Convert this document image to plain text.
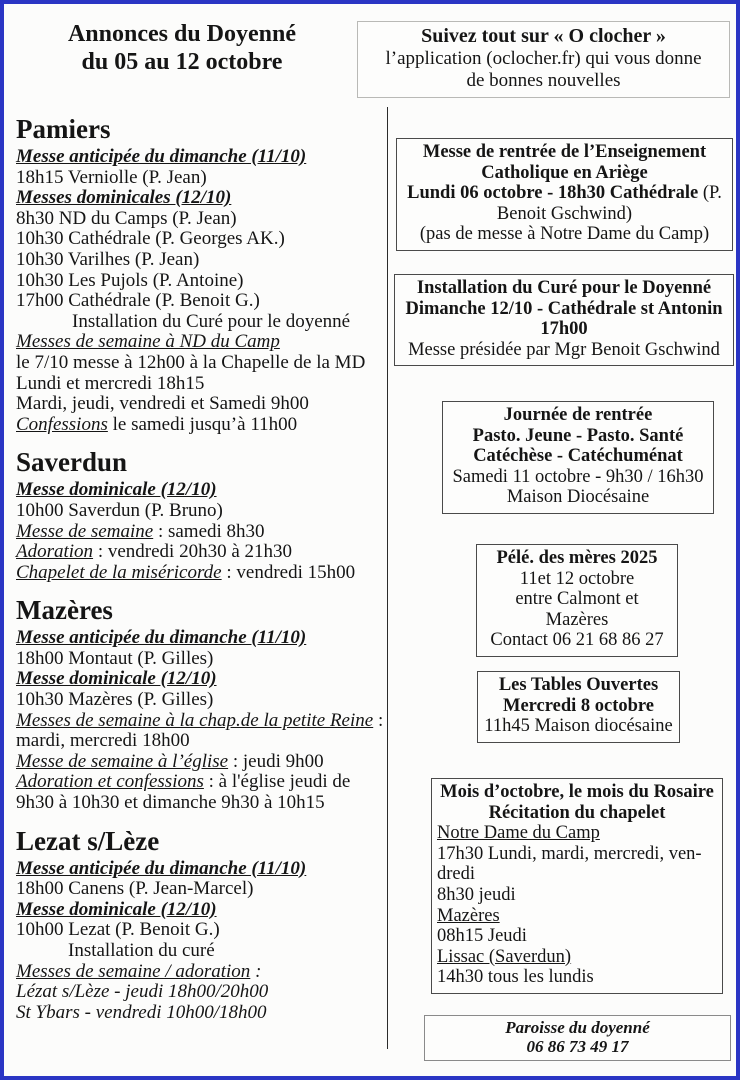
Annonces du Doyenné
du 05 au 12 octobre
Suivez tout sur « O clocher »
l’application (oclocher.fr) qui vous donne
de bonnes nouvelles
Pamiers

Messe anticipée du dimanche (11/10)

18h15 Verniolle (P. Jean)

Messes dominicales (12/10)

8h30 ND du Camps (P. Jean)

10h30 Cathédrale (P. Georges AK.)

10h30 Varilhes (P. Jean)

10h30 Les Pujols (P. Antoine)

17h00 Cathédrale (P. Benoit G.)

Installation du Curé pour le doyenné

Messes de semaine à ND du Camp

le 7/10 messe à 12h00 à la Chapelle de la MD

Lundi et mercredi 18h15

Mardi, jeudi, vendredi et Samedi 9h00

Confessions le samedi jusqu’à 11h00

Saverdun

Messe dominicale (12/10)

10h00 Saverdun (P. Bruno)

Messe de semaine : samedi 8h30

Adoration : vendredi 20h30 à 21h30

Chapelet de la miséricorde : vendredi 15h00

Mazères

Messe anticipée du dimanche (11/10)

18h00 Montaut (P. Gilles)

Messe dominicale (12/10)

10h30 Mazères (P. Gilles)

Messes de semaine à la chap.de la petite Reine : mardi, mercredi 18h00

Messe de semaine à l’église : jeudi 9h00

Adoration et confessions : à l'église jeudi de 9h30 à 10h30 et dimanche 9h30 à 10h15

Lezat s/Lèze

Messe anticipée du dimanche (11/10)

18h00 Canens (P. Jean-Marcel)

Messe dominicale (12/10)

10h00 Lezat (P. Benoit G.)

Installation du curé

Messes de semaine / adoration :

Lézat s/Lèze - jeudi 18h00/20h00

St Ybars - vendredi 10h00/18h00

Messe de rentrée de l’Enseignement

Catholique en Ariège

Lundi 06 octobre - 18h30 Cathédrale (P. Benoit Gschwind)

(pas de messe à Notre Dame du Camp)

Installation du Curé pour le Doyenné

Dimanche 12/10 - Cathédrale st Antonin

17h00

Messe présidée par Mgr Benoit Gschwind

Journée de rentrée

Pasto. Jeune - Pasto. Santé

Catéchèse - Catéchuménat

Samedi 11 octobre - 9h30 / 16h30

Maison Diocésaine

Pélé. des mères 2025

11et 12 octobre

entre Calmont et Mazères

Contact 06 21 68 86 27

Les Tables Ouvertes

Mercredi 8 octobre

11h45 Maison diocésaine

Mois d’octobre, le mois du Rosaire

Récitation du chapelet

Notre Dame du Camp

17h30 Lundi, mardi, mercredi, ven-dredi

8h30 jeudi

Mazères

08h15 Jeudi

Lissac (Saverdun)

14h30 tous les lundis

Paroisse du doyenné

06 86 73 49 17
